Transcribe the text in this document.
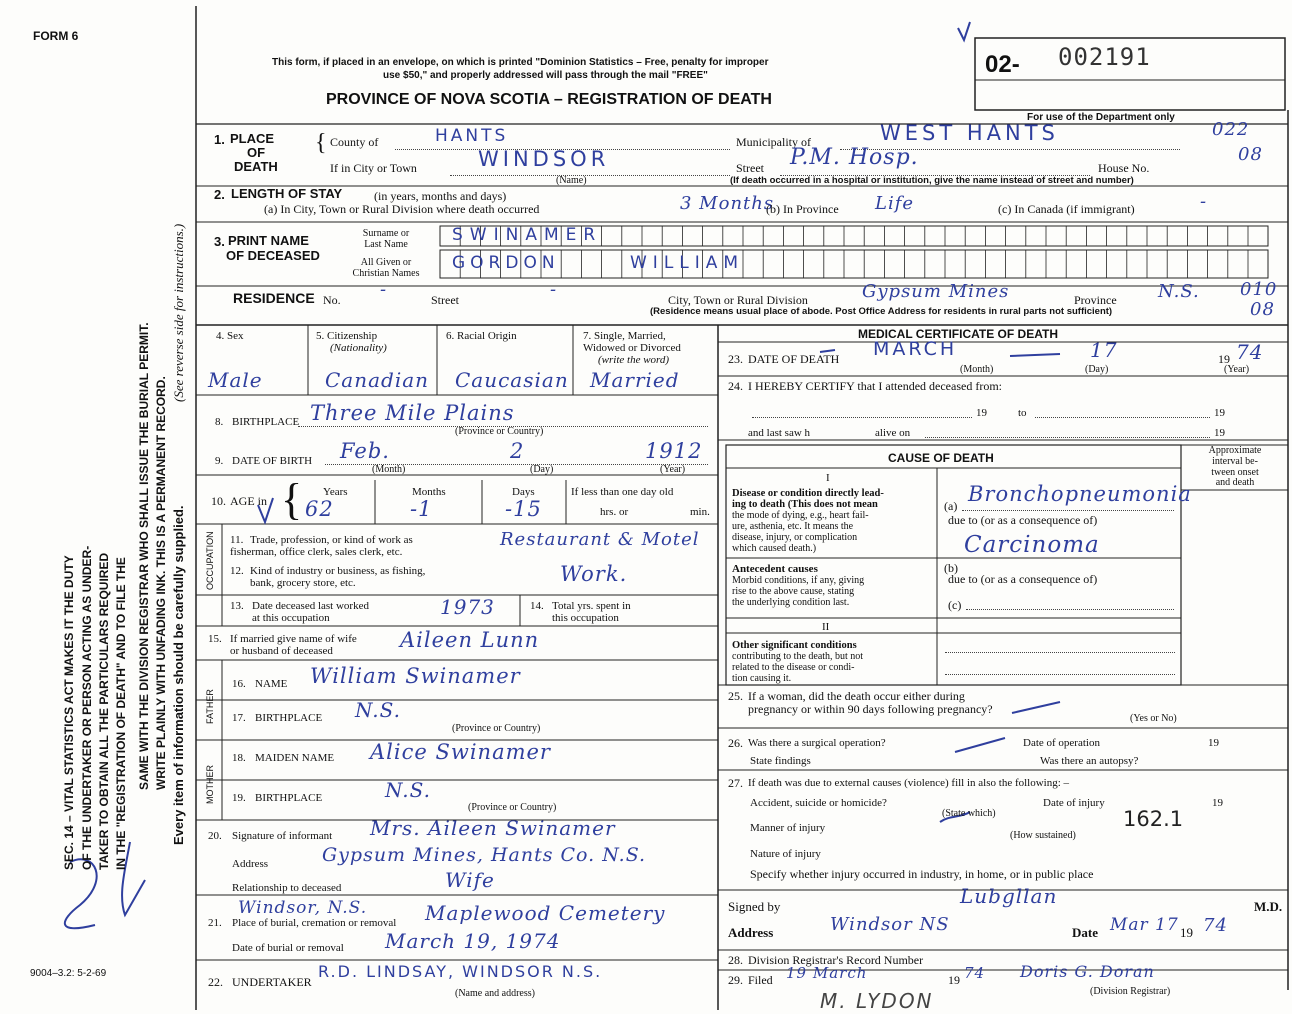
FORM 6
SEC. 14 – VITAL STATISTICS ACT MAKES IT THE DUTY OF THE UNDERTAKER OR PERSON ACTING AS UNDER- TAKER TO OBTAIN ALL THE PARTICULARS REQUIRED IN THE "REGISTRATION OF DEATH" AND TO FILE THE SAME WITH THE DIVISION REGISTRAR WHO SHALL ISSUE THE BURIAL PERMIT. WRITE PLAINLY WITH UNFADING INK. THIS IS A PERMANENT RECORD. Every item of information should be carefully supplied.
(See reverse side for instructions.)
9004–3.2: 5-2-69
This form, if placed in an envelope, on which is printed "Dominion Statistics – Free, penalty for improper
use $50," and properly addressed will pass through the mail "FREE"
PROVINCE OF NOVA SCOTIA – REGISTRATION OF DEATH
02- 002191
For use of the Department only
022
08
010
08
1. PLACE
OF
DEATH
{ County of	HANTS	Municipality of	WEST HANTS
If in City or Town	WINDSOR
(Name)
Street P.M. Hosp.	House No.
(If death occurred in a hospital or institution, give the name instead of street and number)
2. LENGTH OF STAY	(in years, months and days)
(a) In City, Town or Rural Division where death occurred	3 Months
(b) In Province Life	(c) In Canada (if immigrant)	-
3. PRINT NAME
OF DECEASED
Surname or
Last Name
All Given or
Christian Names
SWINAMER
GORDON	WILLIAM
RESIDENCE No. -	Street	-	City, Town or Rural Division	Gypsum Mines	Province N.S.
(Residence means usual place of abode. Post Office Address for residents in rural parts not sufficient)
4. Sex
Male
5. Citizenship
(Nationality)
Canadian
6. Racial Origin
Caucasian
7. Single, Married,
Widowed or Divorced
(write the word)
Married
8. BIRTHPLACE Three Mile Plains
(Province or Country)
9. DATE OF BIRTH Feb.	2	1912
(Month)	(Day)	(Year)
10. AGE in { Years	Months	Days
62	-1	-15
If less than one day old
hrs. or	min.
OCCUPATION 11. Trade, profession, or kind of work as
fisherman, office clerk, sales clerk, etc.
Restaurant & Motel
12. Kind of industry or business, as fishing,
bank, grocery store, etc.	Work.
13. Date deceased last worked
at this occupation	1973	14. Total yrs. spent in
this occupation
15. If married give name of wife
or husband of deceased	Aileen Lunn
FATHER
16. NAME William Swinamer
17. BIRTHPLACE N.S.
(Province or Country)
MOTHER
18. MAIDEN NAME Alice Swinamer
19. BIRTHPLACE	N.S.
(Province or Country)
20. Signature of informant Mrs. Aileen Swinamer
Address	Gypsum Mines, Hants Co. N.S.
Relationship to deceased	Wife
21. Place of burial, cremation or removal
Windsor, N.S.	Maplewood Cemetery
Date of burial or removal March 19, 1974
22. UNDERTAKER
R.D. LINDSAY, WINDSOR N.S.
(Name and address)
MEDICAL CERTIFICATE OF DEATH
23. DATE OF DEATH MARCH	17	19 74
(Month)	(Day)	(Year)
24. I HEREBY CERTIFY that I attended deceased from:
19	to	19
and last saw h	alive on	19
CAUSE OF DEATH
Approximate
interval be-
tween onset
and death
I
Disease or condition directly lead-
ing to death (This does not mean
the mode of dying, e.g., heart fail-
ure, asthenia, etc. It means the
disease, injury, or complication
which caused death.)
(a) Bronchopneumonia
due to (or as a consequence of)
Carcinoma
Antecedent causes
Morbid conditions, if any, giving
rise to the above cause, stating
the underlying condition last.
(b)
due to (or as a consequence of)
(c)
II
Other significant conditions
contributing to the death, but not
related to the disease or condi-
tion causing it.
25. If a woman, did the death occur either during
pregnancy or within 90 days following pregnancy?
(Yes or No)
26. Was there a surgical operation?	Date of operation	19
State findings	Was there an autopsy?
27. If death was due to external causes (violence) fill in also the following: –
Accident, suicide or homicide?	Date of injury	19
(State which)
Manner of injury	162.1
(How sustained)
Nature of injury
Specify whether injury occurred in industry, in home, or in public place
Signed by	Lubgllan	M.D.
Address	Windsor NS	Date Mar 17 19 74
28. Division Registrar's Record Number
29. Filed 19 March	19 74 Doris G. Doran
(Division Registrar)
M. LYDON
